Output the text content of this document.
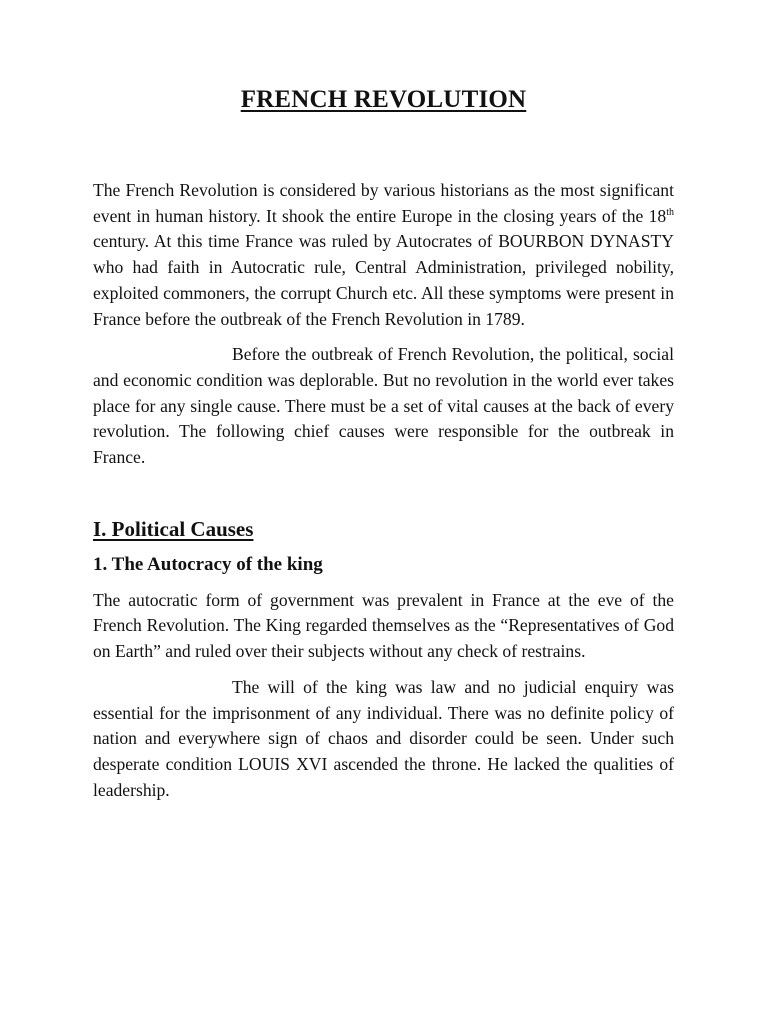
FRENCH REVOLUTION

The French Revolution is considered by various historians as the most significant event in human history. It shook the entire Europe in the closing years of the 18th century. At this time France was ruled by Autocrates of BOURBON DYNASTY who had faith in Autocratic rule, Central Administration, privileged nobility, exploited commoners, the corrupt Church etc. All these symptoms were present in France before the outbreak of the French Revolution in 1789.

Before the outbreak of French Revolution, the political, social and economic condition was deplorable. But no revolution in the world ever takes place for any single cause. There must be a set of vital causes at the back of every revolution. The following chief causes were responsible for the outbreak in France.

I. Political Causes
1. The Autocracy of the king

The autocratic form of government was prevalent in France at the eve of the French Revolution. The King regarded themselves as the “Representatives of God on Earth” and ruled over their subjects without any check of restrains.

The will of the king was law and no judicial enquiry was essential for the imprisonment of any individual. There was no definite policy of nation and everywhere sign of chaos and disorder could be seen. Under such desperate condition LOUIS XVI ascended the throne. He lacked the qualities of leadership.
